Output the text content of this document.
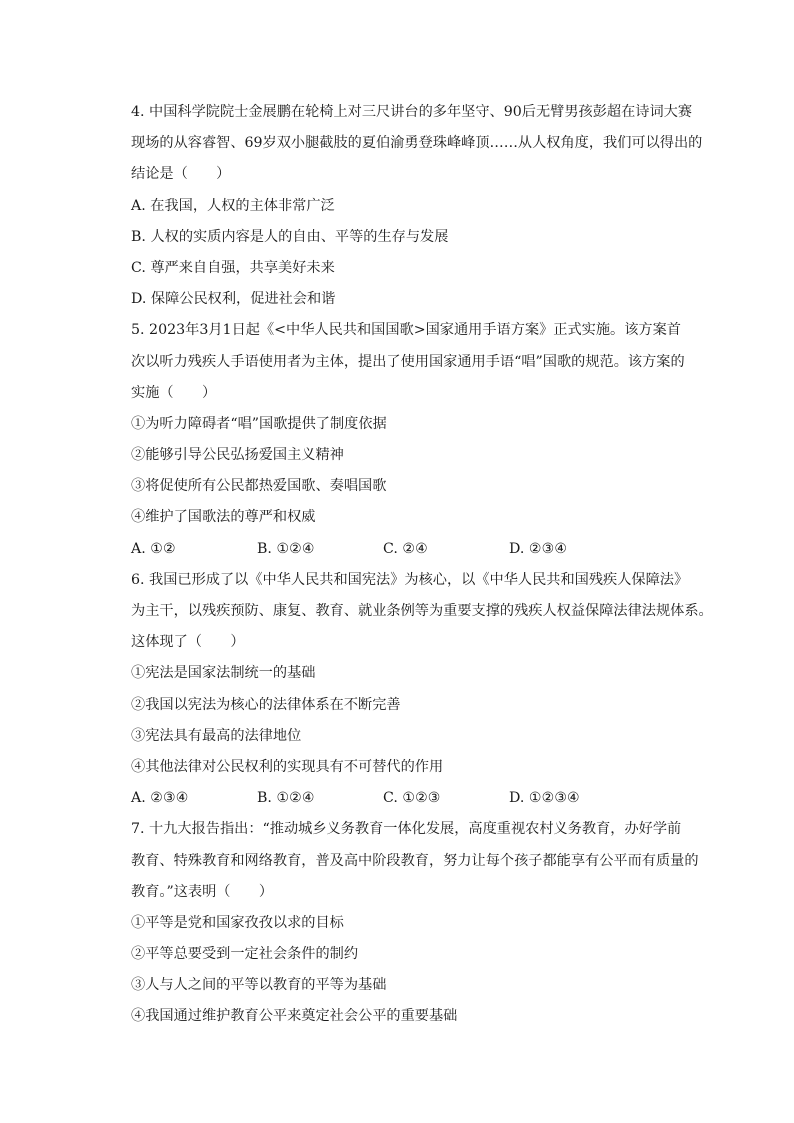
4. 中国科学院院士金展鹏在轮椅上对三尺讲台的多年坚守、90后无臂男孩彭超在诗词大赛
现场的从容睿智、69岁双小腿截肢的夏伯渝勇登珠峰峰顶……从人权角度，我们可以得出的
结论是（　　）
A. 在我国，人权的主体非常广泛
B. 人权的实质内容是人的自由、平等的生存与发展
C. 尊严来自自强，共享美好未来
D. 保障公民权利，促进社会和谐
5. 2023年3月1日起《<中华人民共和国国歌>国家通用手语方案》正式实施。该方案首
次以听力残疾人手语使用者为主体，提出了使用国家通用手语“唱”国歌的规范。该方案的
实施（　　）
①为听力障碍者“唱”国歌提供了制度依据
②能够引导公民弘扬爱国主义精神
③将促使所有公民都热爱国歌、奏唱国歌
④维护了国歌法的尊严和权威
A. ①②	B. ①②④	C. ②④	D. ②③④
6. 我国已形成了以《中华人民共和国宪法》为核心，以《中华人民共和国残疾人保障法》
为主干，以残疾预防、康复、教育、就业条例等为重要支撑的残疾人权益保障法律法规体系。
这体现了（　　）
①宪法是国家法制统一的基础
②我国以宪法为核心的法律体系在不断完善
③宪法具有最高的法律地位
④其他法律对公民权利的实现具有不可替代的作用
A. ②③④	B. ①②④	C. ①②③	D. ①②③④
7. 十九大报告指出：“推动城乡义务教育一体化发展，高度重视农村义务教育，办好学前
教育、特殊教育和网络教育，普及高中阶段教育，努力让每个孩子都能享有公平而有质量的
教育。”这表明（　　）
①平等是党和国家孜孜以求的目标
②平等总要受到一定社会条件的制约
③人与人之间的平等以教育的平等为基础
④我国通过维护教育公平来奠定社会公平的重要基础
